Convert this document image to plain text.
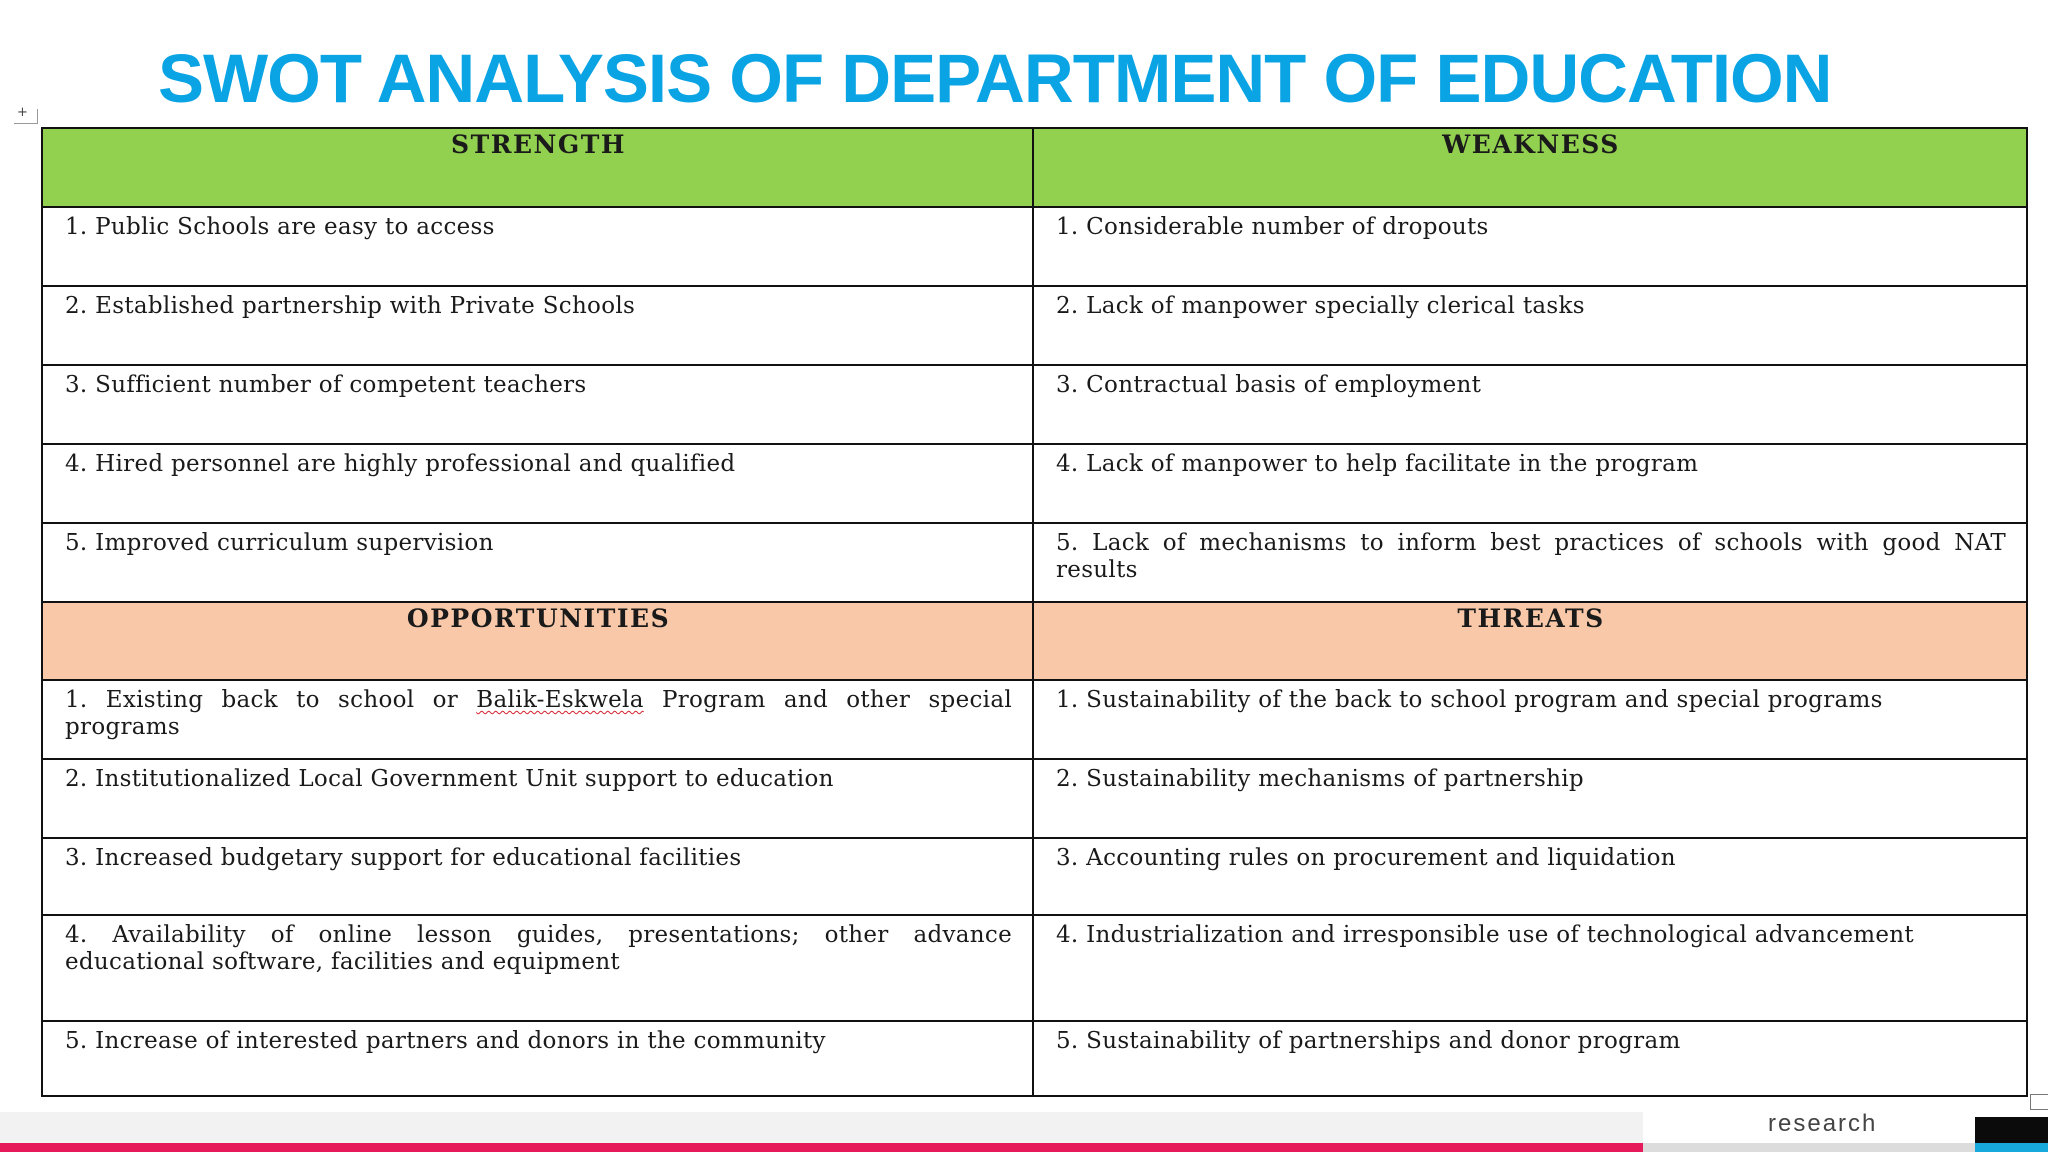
SWOT ANALYSIS OF DEPARTMENT OF EDUCATION
+
STRENGTH	WEAKNESS
1. Public Schools are easy to access	1. Considerable number of dropouts
2. Established partnership with Private Schools	2. Lack of manpower specially clerical tasks
3. Sufficient number of competent teachers	3. Contractual basis of employment
4. Hired personnel are highly professional and qualified	4. Lack of manpower to help facilitate in the program
5. Improved curriculum supervision	5. Lack of mechanisms to inform best practices of schools with good NAT results
OPPORTUNITIES	THREATS
1. Existing back to school or Balik-Eskwela Program and other special programs	1. Sustainability of the back to school program and special programs
2. Institutionalized Local Government Unit support to education	2. Sustainability mechanisms of partnership
3. Increased budgetary support for educational facilities	3. Accounting rules on procurement and liquidation
4. Availability of online lesson guides, presentations; other advance educational software, facilities and equipment	4. Industrialization and irresponsible use of technological advancement
5. Increase of interested partners and donors in the community	5. Sustainability of partnerships and donor program
research
